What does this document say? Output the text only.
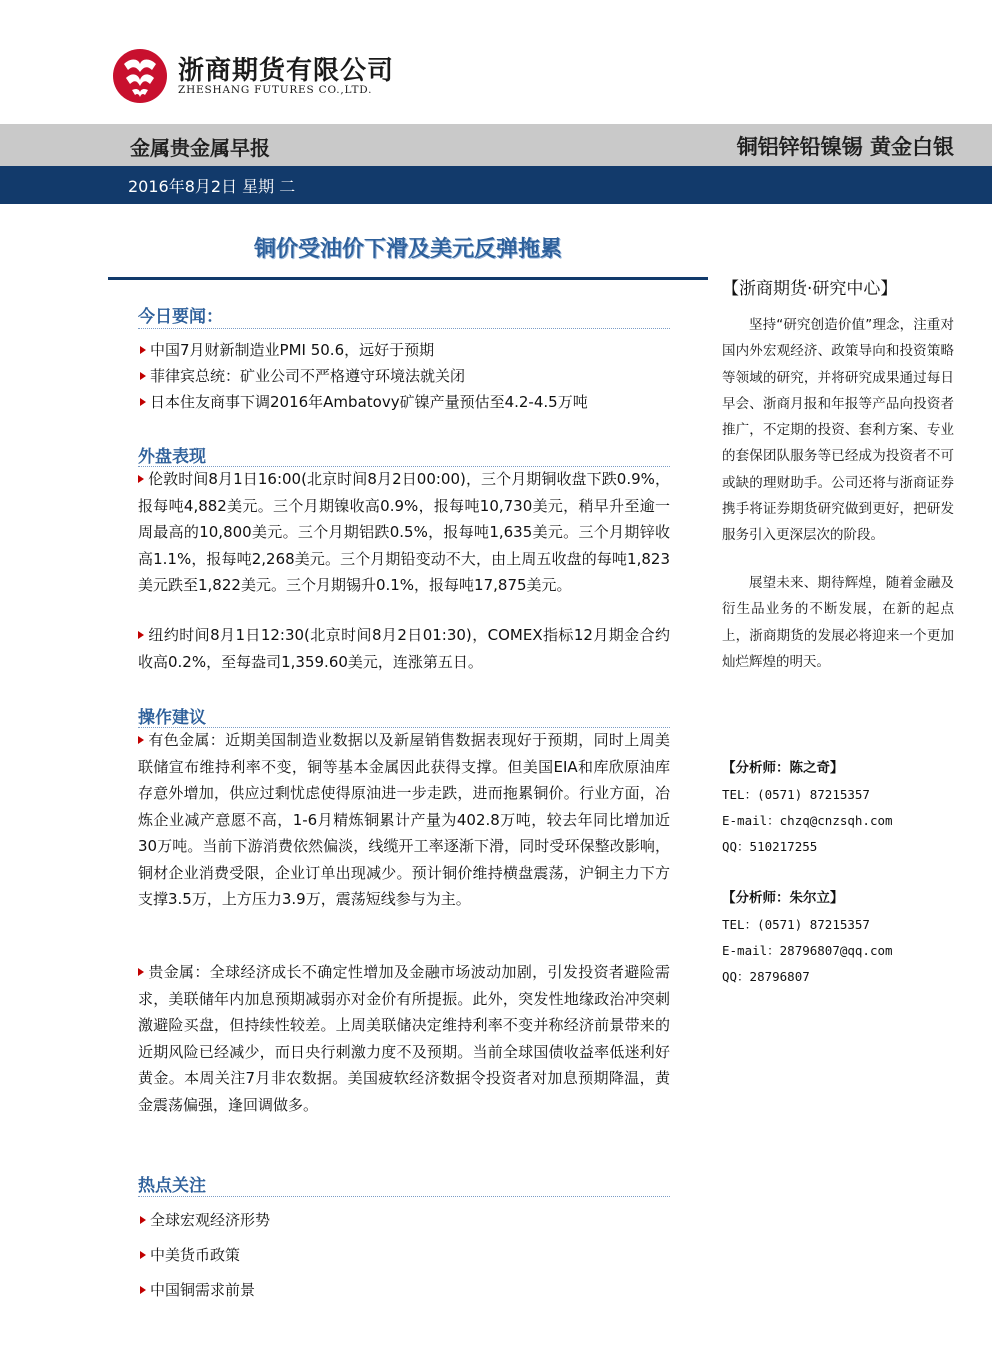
浙商期货有限公司
ZHESHANG FUTURES CO.,LTD.
金属贵金属早报	铜铝锌铅镍锡 黄金白银
2016年8月2日 星期 二
铜价受油价下滑及美元反弹拖累
今日要闻：
中国7月财新制造业PMI 50.6，远好于预期
菲律宾总统：矿业公司不严格遵守环境法就关闭
日本住友商事下调2016年Ambatovy矿镍产量预估至4.2-4.5万吨
外盘表现
伦敦时间8月1日16:00(北京时间8月2日00:00)，三个月期铜收盘下跌0.9%，报每吨4,882美元。三个月期镍收高0.9%，报每吨10,730美元，稍早升至逾一周最高的10,800美元。三个月期铝跌0.5%，报每吨1,635美元。三个月期锌收高1.1%，报每吨2,268美元。三个月期铅变动不大，由上周五收盘的每吨1,823美元跌至1,822美元。三个月期锡升0.1%，报每吨17,875美元。
纽约时间8月1日12:30(北京时间8月2日01:30)，COMEX指标12月期金合约收高0.2%，至每盎司1,359.60美元，连涨第五日。
操作建议
有色金属：近期美国制造业数据以及新屋销售数据表现好于预期，同时上周美联储宣布维持利率不变，铜等基本金属因此获得支撑。但美国EIA和库欣原油库存意外增加，供应过剩忧虑使得原油进一步走跌，进而拖累铜价。行业方面，冶炼企业减产意愿不高，1-6月精炼铜累计产量为402.8万吨，较去年同比增加近30万吨。当前下游消费依然偏淡，线缆开工率逐渐下滑，同时受环保整改影响，铜材企业消费受限，企业订单出现减少。预计铜价维持横盘震荡，沪铜主力下方支撑3.5万，上方压力3.9万，震荡短线参与为主。
贵金属：全球经济成长不确定性增加及金融市场波动加剧，引发投资者避险需求，美联储年内加息预期减弱亦对金价有所提振。此外，突发性地缘政治冲突刺激避险买盘，但持续性较差。上周美联储决定维持利率不变并称经济前景带来的近期风险已经减少，而日央行刺激力度不及预期。当前全球国债收益率低迷利好黄金。本周关注7月非农数据。美国疲软经济数据令投资者对加息预期降温，黄金震荡偏强，逢回调做多。
热点关注
全球宏观经济形势
中美货币政策
中国铜需求前景
【浙商期货·研究中心】
坚持“研究创造价值”理念，注重对国内外宏观经济、政策导向和投资策略等领域的研究，并将研究成果通过每日早会、浙商月报和年报等产品向投资者推广，不定期的投资、套利方案、专业的套保团队服务等已经成为投资者不可或缺的理财助手。公司还将与浙商证券携手将证券期货研究做到更好，把研发服务引入更深层次的阶段。
展望未来、期待辉煌，随着金融及衍生品业务的不断发展，在新的起点上，浙商期货的发展必将迎来一个更加灿烂辉煌的明天。
【分析师：陈之奇】
TEL：(0571) 87215357
E-mail：chzq@cnzsqh.com
QQ：510217255
【分析师：朱尔立】
TEL：(0571) 87215357
E-mail：28796807@qq.com
QQ：28796807
